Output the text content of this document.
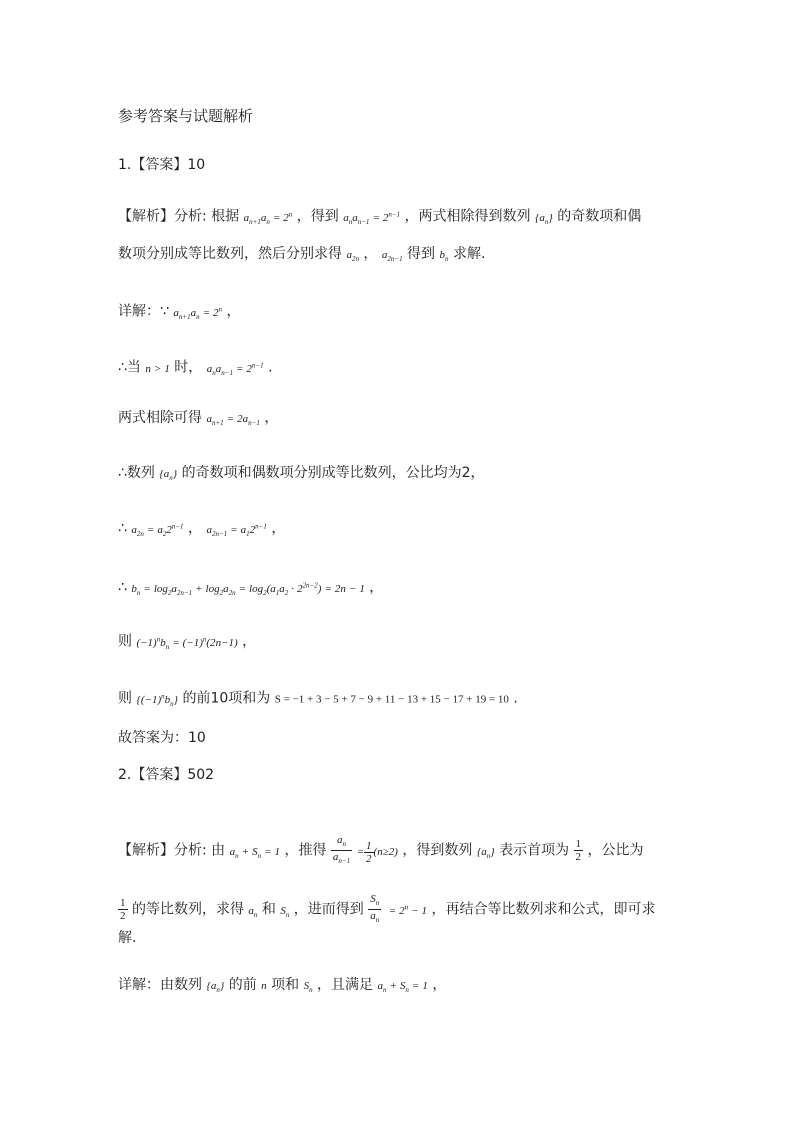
参考答案与试题解析
1.【答案】10
【解析】分析: 根据 $a_{n+1}a_n = 2^n$ ，得到 $a_na_{n-1} = 2^{n-1}$ ，两式相除得到数列 $\{a_n\}$ 的奇数项和偶
数项分别成等比数列，然后分别求得 $a_{2n}$ ， $a_{2n-1}$ 得到 $b_n$ 求解.
详解：∵ $a_{n+1}a_n = 2^n$ ，
∴当 n > 1 时， $a_na_{n-1} = 2^{n-1}$ .
两式相除可得 $a_{n+1} = 2a_{n-1}$ ，
∴数列 $\{a_n\}$ 的奇数项和偶数项分别成等比数列，公比均为2，
∴ $a_{2n} = a_22^{n-1}$ ， $a_{2n-1} = a_12^{n-1}$ ，
∴ $b_n = \log_2a_{2n-1} + \log_2a_{2n} = \log_2(a_1a_2 \cdot 2^{2n-2}) = 2n - 1$ ，
则 $(-1)^nb_n = (-1)^n(2n-1)$ ，
则 $\{(-1)^nb_n\}$ 的前10项和为 S = −1 + 3 − 5 + 7 − 9 + 11 − 13 + 15 − 17 + 19 = 10 .
故答案为：10
2.【答案】502
【解析】分析: 由 $a_n + S_n = 1$ ，推得 $\frac{a_n}{a_{n-1}} = \frac{1}{2} (n\ge 2)$ ，得到数列 $\{a_n\}$ 表示首项为 $\frac{1}{2}$ ，公比为
$\frac{1}{2}$ 的等比数列，求得 $a_n$ 和 $S_n$ ，进而得到 $\frac{S_n}{a_n} = 2^n - 1$ ，再结合等比数列求和公式，即可求
解.
详解：由数列 $\{a_n\}$ 的前 n 项和 $S_n$ ，且满足 $a_n + S_n = 1$ ，
